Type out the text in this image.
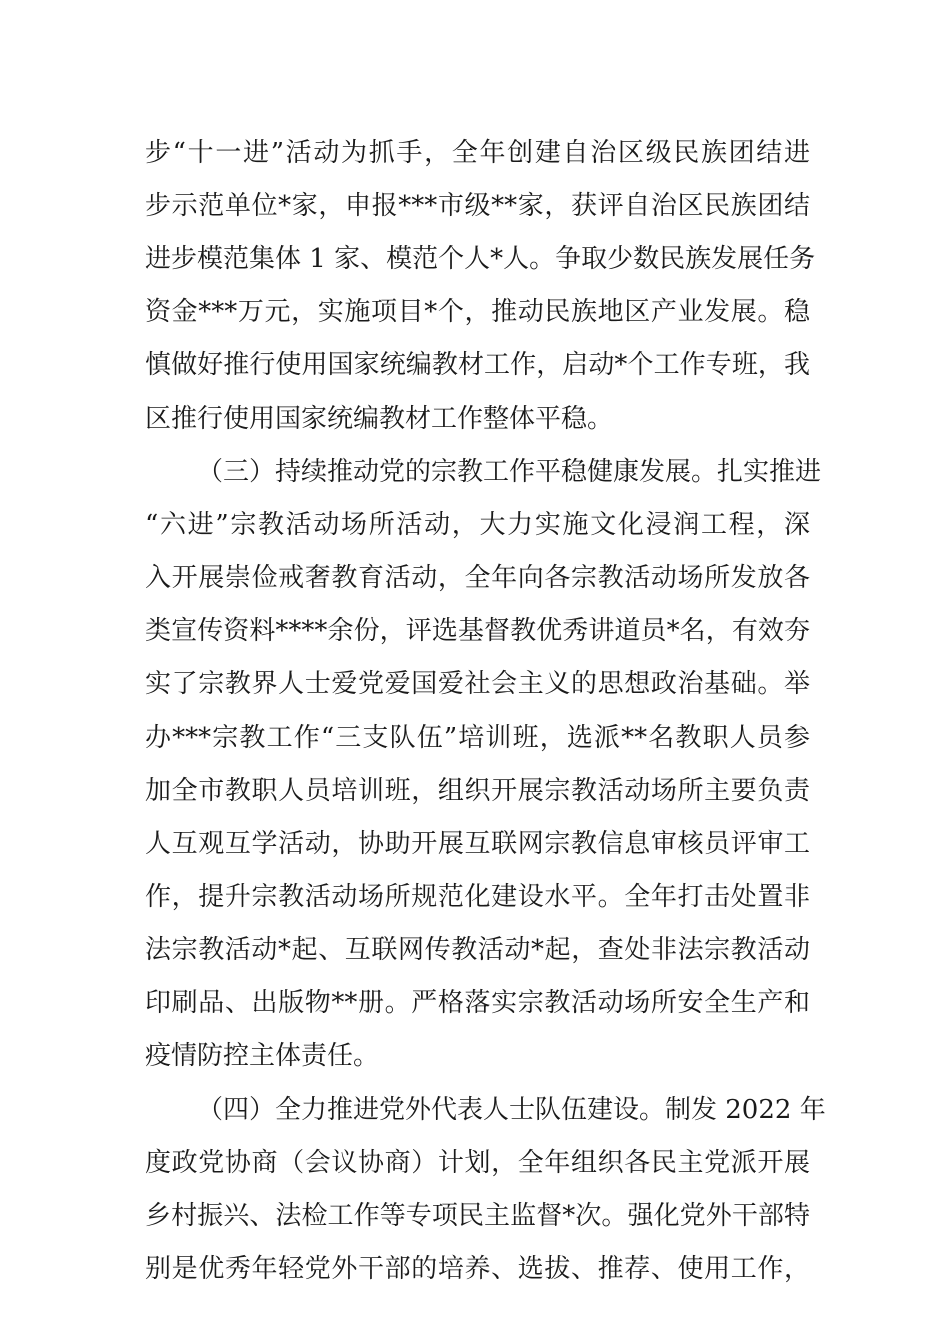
步“十一进”活动为抓手，全年创建自治区级民族团结进
步示范单位*家，申报***市级**家，获评自治区民族团结
进步模范集体 1 家、模范个人*人。争取少数民族发展任务
资金***万元，实施项目*个，推动民族地区产业发展。稳
慎做好推行使用国家统编教材工作，启动*个工作专班，我
区推行使用国家统编教材工作整体平稳。
（三）持续推动党的宗教工作平稳健康发展。扎实推进
“六进”宗教活动场所活动，大力实施文化浸润工程，深
入开展崇俭戒奢教育活动，全年向各宗教活动场所发放各
类宣传资料****余份，评选基督教优秀讲道员*名，有效夯
实了宗教界人士爱党爱国爱社会主义的思想政治基础。举
办***宗教工作“三支队伍”培训班，选派**名教职人员参
加全市教职人员培训班，组织开展宗教活动场所主要负责
人互观互学活动，协助开展互联网宗教信息审核员评审工
作，提升宗教活动场所规范化建设水平。全年打击处置非
法宗教活动*起、互联网传教活动*起，查处非法宗教活动
印刷品、出版物**册。严格落实宗教活动场所安全生产和
疫情防控主体责任。
（四）全力推进党外代表人士队伍建设。制发 2022 年
度政党协商（会议协商）计划，全年组织各民主党派开展
乡村振兴、法检工作等专项民主监督*次。强化党外干部特
别是优秀年轻党外干部的培养、选拔、推荐、使用工作，
